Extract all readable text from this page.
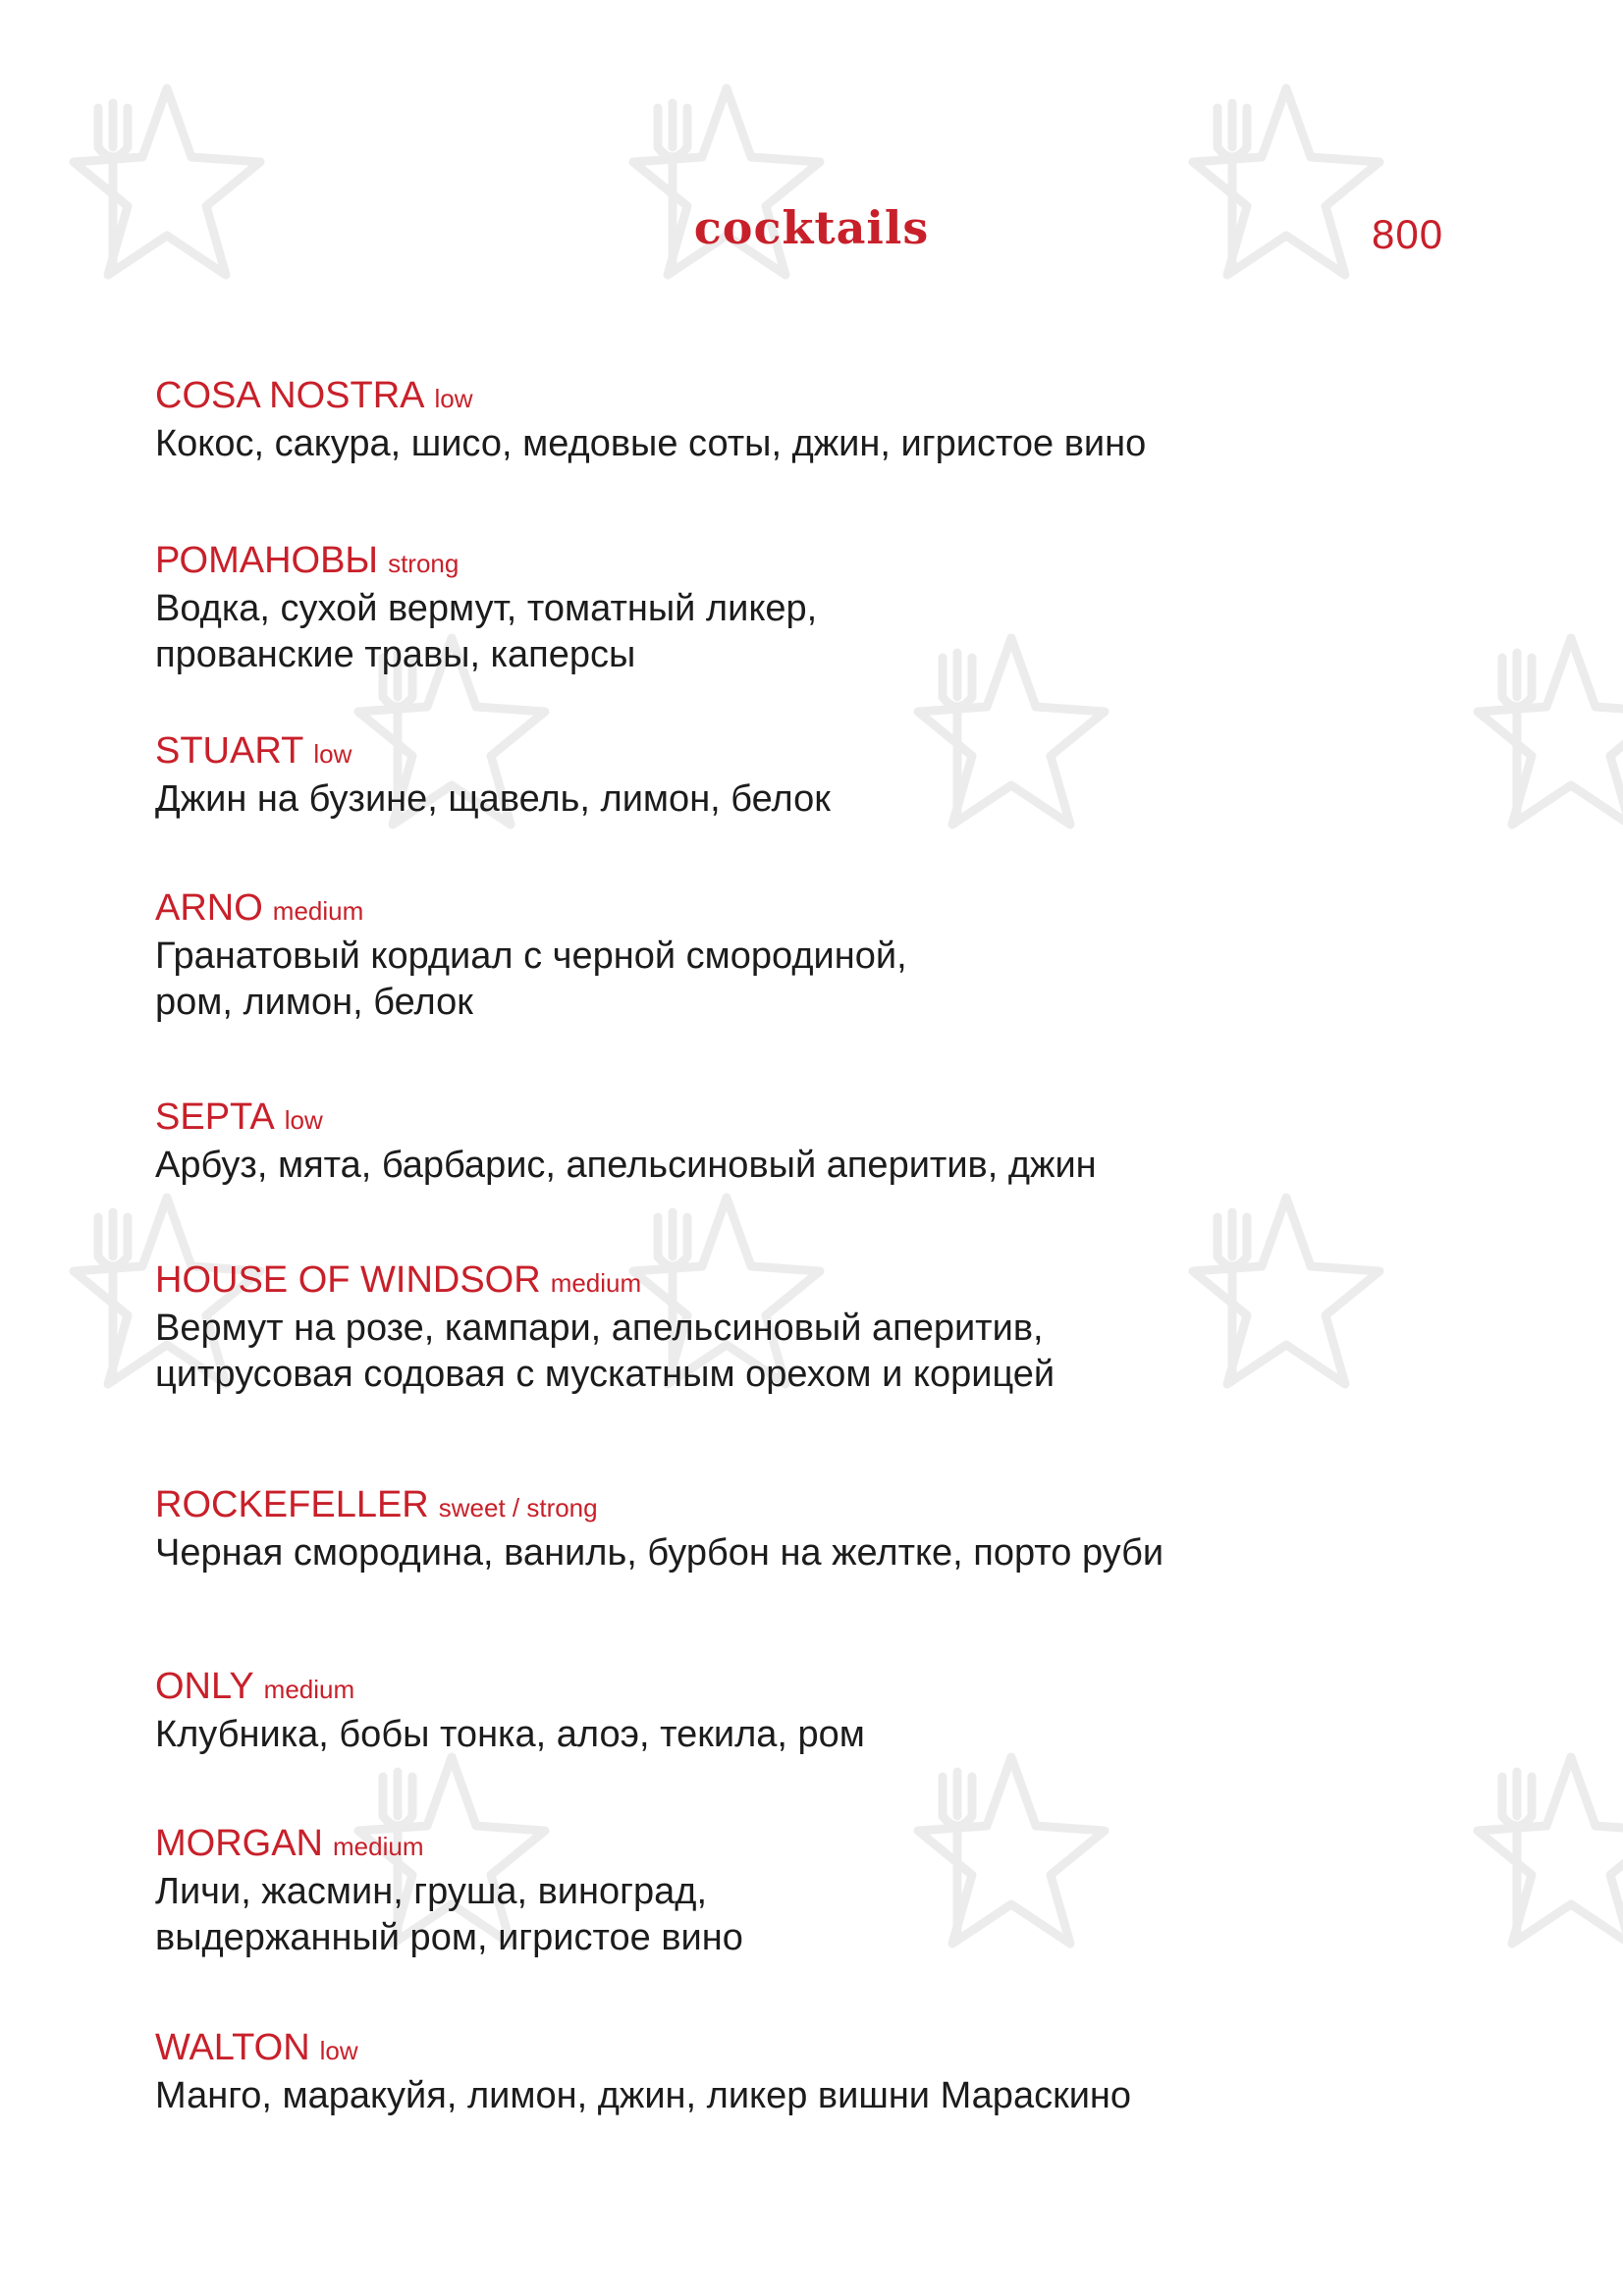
cocktails	800
COSA NOSTRA low
Кокос, сакура, шисо, медовые соты, джин, игристое вино
РОМАНОВЫ strong
Водка, сухой вермут, томатный ликер,
прованские травы, каперсы
STUART low
Джин на бузине, щавель, лимон, белок
ARNO medium
Гранатовый кордиал с черной смородиной,
ром, лимон, белок
SEPTA low
Арбуз, мята, барбарис, апельсиновый аперитив, джин
HOUSE OF WINDSOR medium
Вермут на розе, кампари, апельсиновый аперитив,
цитрусовая содовая с мускатным орехом и корицей
ROCKEFELLER sweet / strong
Черная смородина, ваниль, бурбон на желтке, порто руби
ONLY medium
Клубника, бобы тонка, алоэ, текила, ром
MORGAN medium
Личи, жасмин, груша, виноград,
выдержанный ром, игристое вино
WALTON low
Манго, маракуйя, лимон, джин, ликер вишни Мараскино
